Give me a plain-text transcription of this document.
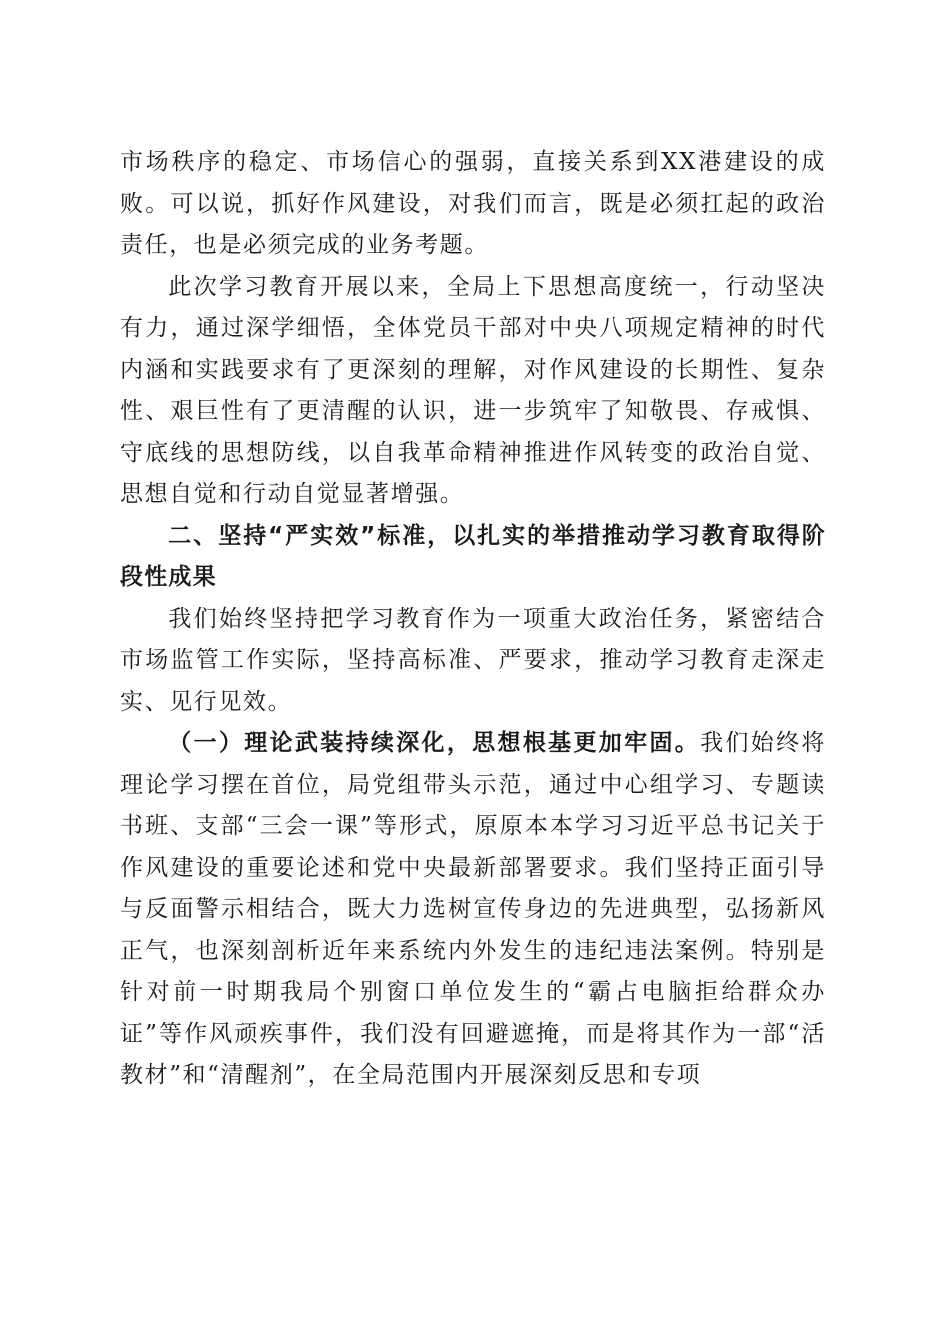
市场秩序的稳定、市场信心的强弱，直接关系到XX港建设的成败。可以说，抓好作风建设，对我们而言，既是必须扛起的政治责任，也是必须完成的业务考题。

此次学习教育开展以来，全局上下思想高度统一，行动坚决有力，通过深学细悟，全体党员干部对中央八项规定精神的时代内涵和实践要求有了更深刻的理解，对作风建设的长期性、复杂性、艰巨性有了更清醒的认识，进一步筑牢了知敬畏、存戒惧、守底线的思想防线，以自我革命精神推进作风转变的政治自觉、思想自觉和行动自觉显著增强。

二、坚持“严实效”标准，以扎实的举措推动学习教育取得阶段性成果

我们始终坚持把学习教育作为一项重大政治任务，紧密结合市场监管工作实际，坚持高标准、严要求，推动学习教育走深走实、见行见效。

（一）理论武装持续深化，思想根基更加牢固。我们始终将理论学习摆在首位，局党组带头示范，通过中心组学习、专题读书班、支部“三会一课”等形式，原原本本学习习近平总书记关于作风建设的重要论述和党中央最新部署要求。我们坚持正面引导与反面警示相结合，既大力选树宣传身边的先进典型，弘扬新风正气，也深刻剖析近年来系统内外发生的违纪违法案例。特别是针对前一时期我局个别窗口单位发生的“霸占电脑拒给群众办证”等作风顽疾事件，我们没有回避遮掩，而是将其作为一部“活教材”和“清醒剂”，在全局范围内开展深刻反思和专项
